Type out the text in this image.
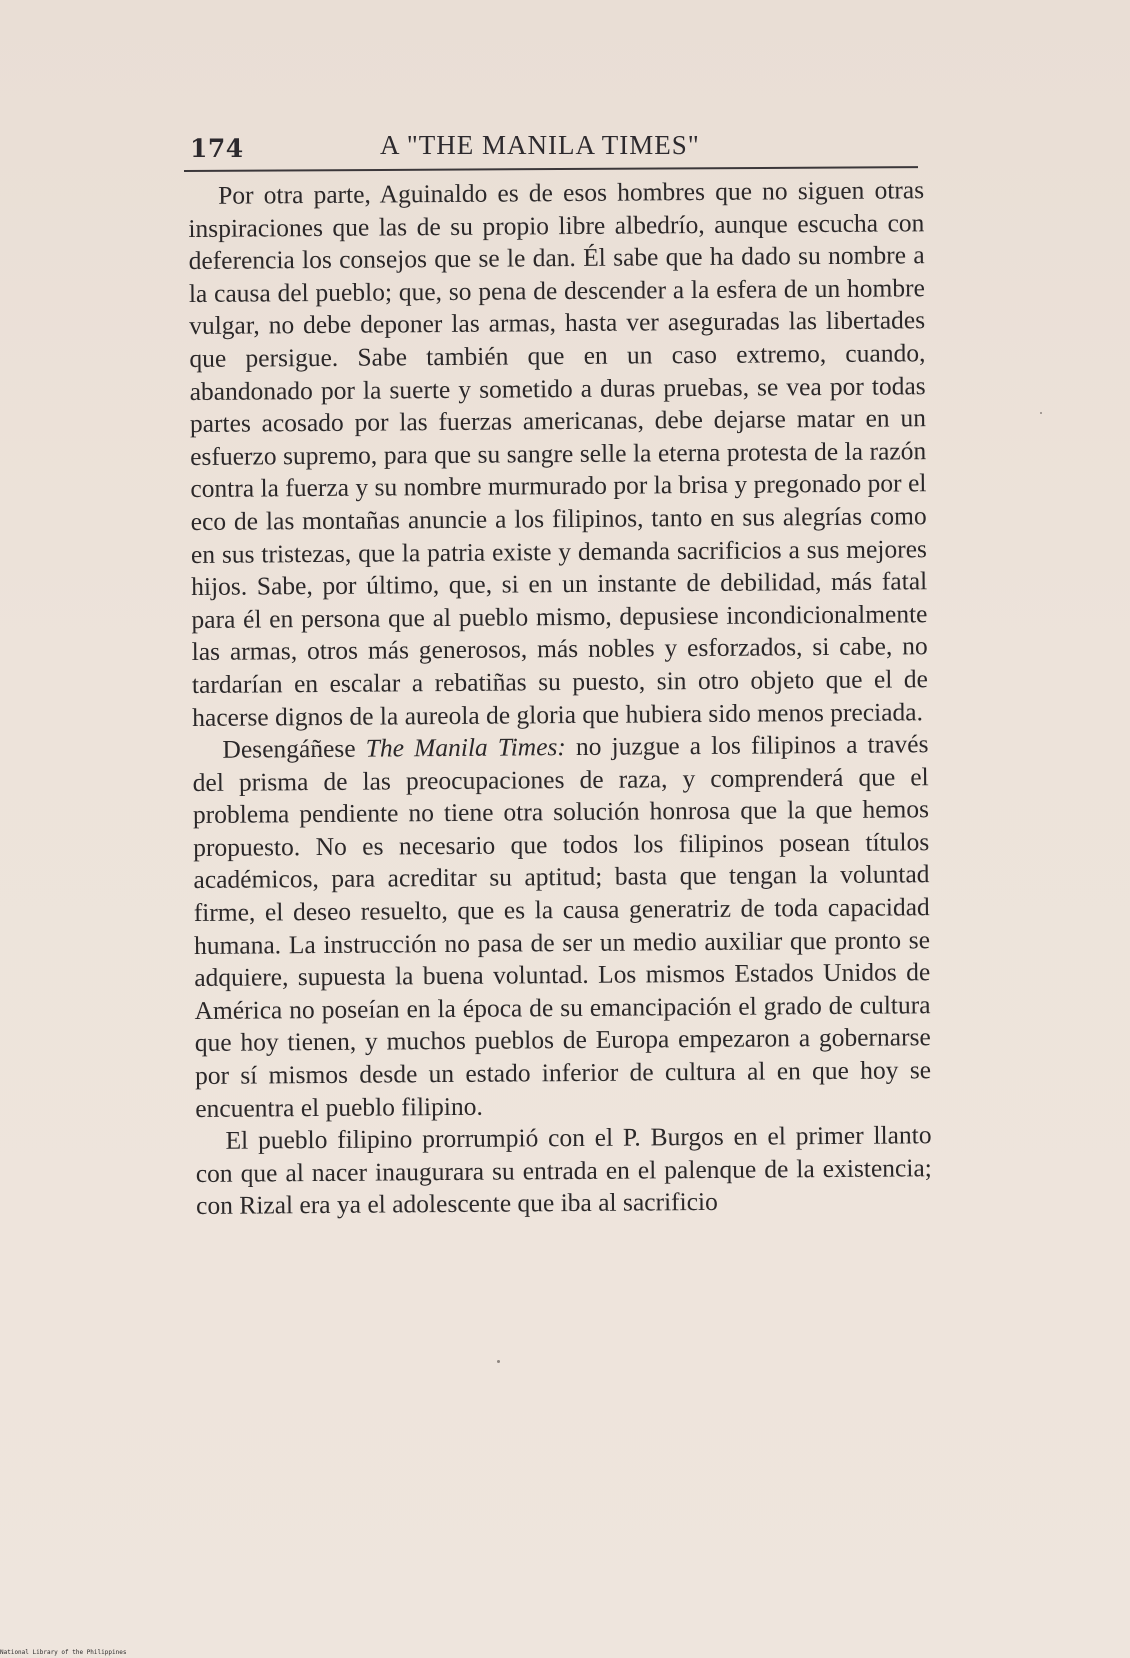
174	A "THE MANILA TIMES"

Por otra parte, Aguinaldo es de esos hombres que no siguen otras inspiraciones que las de su propio libre albedrío, aunque escucha con deferencia los consejos que se le dan. Él sabe que ha dado su nombre a la causa del pueblo; que, so pena de descender a la esfera de un hombre vulgar, no debe deponer las armas, hasta ver aseguradas las libertades que persigue. Sabe también que en un caso extremo, cuando, abandonado por la suerte y sometido a duras pruebas, se vea por todas partes acosado por las fuerzas americanas, debe dejarse matar en un esfuerzo supremo, para que su sangre selle la eterna protesta de la razón contra la fuerza y su nombre murmurado por la brisa y pregonado por el eco de las montañas anuncie a los filipinos, tanto en sus alegrías como en sus tristezas, que la patria existe y demanda sacrificios a sus mejores hijos. Sabe, por último, que, si en un instante de debilidad, más fatal para él en persona que al pueblo mismo, depusiese incondicionalmente las armas, otros más generosos, más nobles y esforzados, si cabe, no tardarían en escalar a rebatiñas su puesto, sin otro objeto que el de hacerse dignos de la aureola de gloria que hubiera sido menos preciada.

Desengáñese The Manila Times: no juzgue a los filipinos a través del prisma de las preocupaciones de raza, y comprenderá que el problema pendiente no tiene otra solución honrosa que la que hemos propuesto. No es necesario que todos los filipinos posean títulos académicos, para acreditar su aptitud; basta que tengan la voluntad firme, el deseo resuelto, que es la causa generatriz de toda capacidad humana. La instrucción no pasa de ser un medio auxiliar que pronto se adquiere, supuesta la buena voluntad. Los mismos Estados Unidos de América no poseían en la época de su emancipación el grado de cultura que hoy tienen, y muchos pueblos de Europa empezaron a gobernarse por sí mismos desde un estado inferior de cultura al en que hoy se encuentra el pueblo filipino.

El pueblo filipino prorrumpió con el P. Burgos en el primer llanto con que al nacer inaugurara su entrada en el palenque de la existencia; con Rizal era ya el adolescente que iba al sacrificio

National Library of the Philippines
